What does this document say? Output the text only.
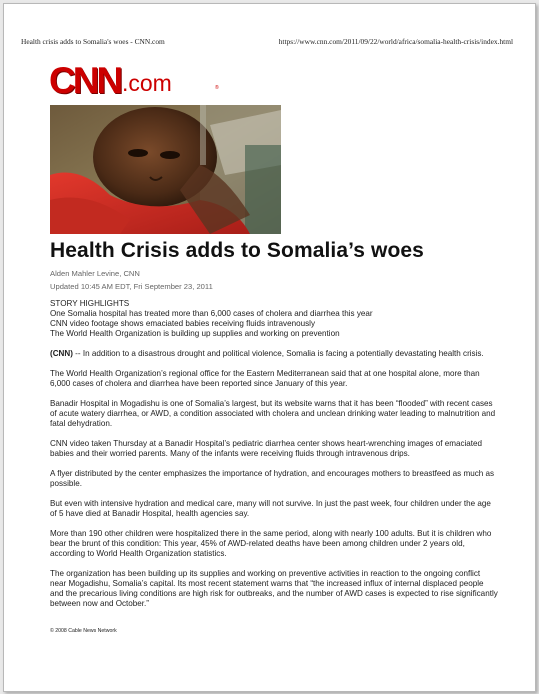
Health crisis adds to Somalia's woes - CNN.com	https://www.cnn.com/2011/09/22/world/africa/somalia-health-crisis/index.html
CNN .com	®
Health Crisis adds to Somalia’s woes
Alden Mahler Levine, CNN
Updated 10:45 AM EDT, Fri September 23, 2011
STORY HIGHLIGHTS
One Somalia hospital has treated more than 6,000 cases of cholera and diarrhea this year
CNN video footage shows emaciated babies receiving fluids intravenously
The World Health Organization is building up supplies and working on prevention

(CNN) -- In addition to a disastrous drought and political violence, Somalia is facing a potentially devastating health crisis.

The World Health Organization’s regional office for the Eastern Mediterranean said that at one hospital alone, more than 6,000 cases of cholera and diarrhea have been reported since January of this year.

Banadir Hospital in Mogadishu is one of Somalia’s largest, but its website warns that it has been “flooded” with recent cases of acute watery diarrhea, or AWD, a condition associated with cholera and unclean drinking water leading to malnutrition and fatal dehydration.

CNN video taken Thursday at a Banadir Hospital’s pediatric diarrhea center shows heart-wrenching images of emaciated babies and their worried parents. Many of the infants were receiving fluids through intravenous drips.

A flyer distributed by the center emphasizes the importance of hydration, and encourages mothers to breastfeed as much as possible.

But even with intensive hydration and medical care, many will not survive. In just the past week, four children under the age of 5 have died at Banadir Hospital, health agencies say.

More than 190 other children were hospitalized there in the same period, along with nearly 100 adults. But it is children who bear the brunt of this condition: This year, 45% of AWD-related deaths have been among children under 2 years old, according to World Health Organization statistics.

The organization has been building up its supplies and working on preventive activities in reaction to the ongoing conflict near Mogadishu, Somalia’s capital. Its most recent statement warns that “the increased influx of internal displaced people and the precarious living conditions are high risk for outbreaks, and the number of AWD cases is expected to rise significantly between now and October.”

© 2008 Cable News Network
